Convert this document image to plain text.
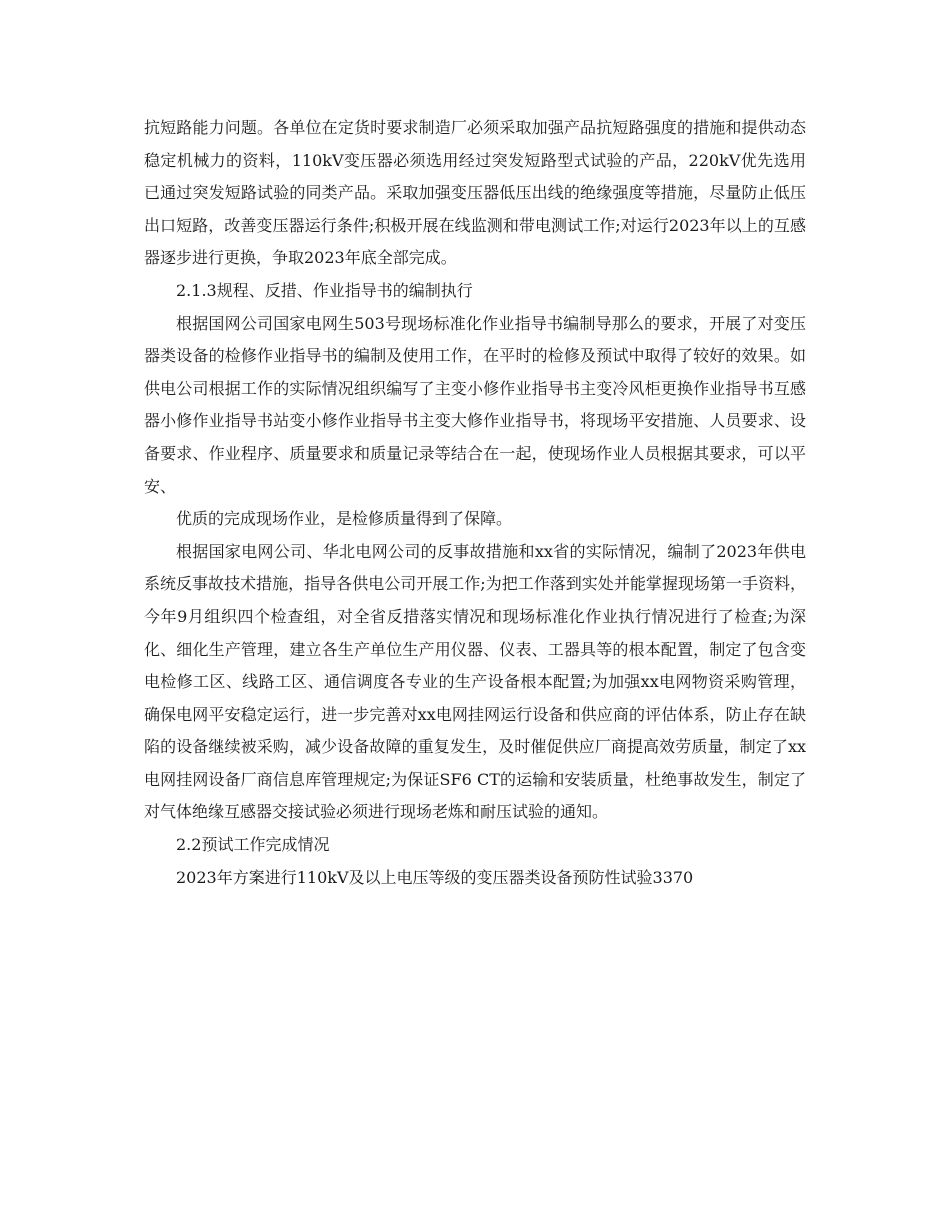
抗短路能力问题。各单位在定货时要求制造厂必须采取加强产品抗短路强度的措施和提供动态稳定机械力的资料，110kV变压器必须选用经过突发短路型式试验的产品，220kV优先选用已通过突发短路试验的同类产品。采取加强变压器低压出线的绝缘强度等措施，尽量防止低压出口短路，改善变压器运行条件;积极开展在线监测和带电测试工作;对运行2023年以上的互感器逐步进行更换，争取2023年底全部完成。

2.1.3规程、反措、作业指导书的编制执行

根据国网公司国家电网生503号现场标准化作业指导书编制导那么的要求，开展了对变压器类设备的检修作业指导书的编制及使用工作，在平时的检修及预试中取得了较好的效果。如供电公司根据工作的实际情况组织编写了主变小修作业指导书主变冷风柜更换作业指导书互感器小修作业指导书站变小修作业指导书主变大修作业指导书，将现场平安措施、人员要求、设备要求、作业程序、质量要求和质量记录等结合在一起，使现场作业人员根据其要求，可以平安、

优质的完成现场作业，是检修质量得到了保障。

根据国家电网公司、华北电网公司的反事故措施和xx省的实际情况，编制了2023年供电系统反事故技术措施，指导各供电公司开展工作;为把工作落到实处并能掌握现场第一手资料，今年9月组织四个检查组，对全省反措落实情况和现场标准化作业执行情况进行了检查;为深化、细化生产管理，建立各生产单位生产用仪器、仪表、工器具等的根本配置，制定了包含变电检修工区、线路工区、通信调度各专业的生产设备根本配置;为加强xx电网物资采购管理，确保电网平安稳定运行，进一步完善对xx电网挂网运行设备和供应商的评估体系，防止存在缺陷的设备继续被采购，减少设备故障的重复发生，及时催促供应厂商提高效劳质量，制定了xx电网挂网设备厂商信息库管理规定;为保证SF6 CT的运输和安装质量，杜绝事故发生，制定了对气体绝缘互感器交接试验必须进行现场老炼和耐压试验的通知。

2.2预试工作完成情况

2023年方案进行110kV及以上电压等级的变压器类设备预防性试验3370
